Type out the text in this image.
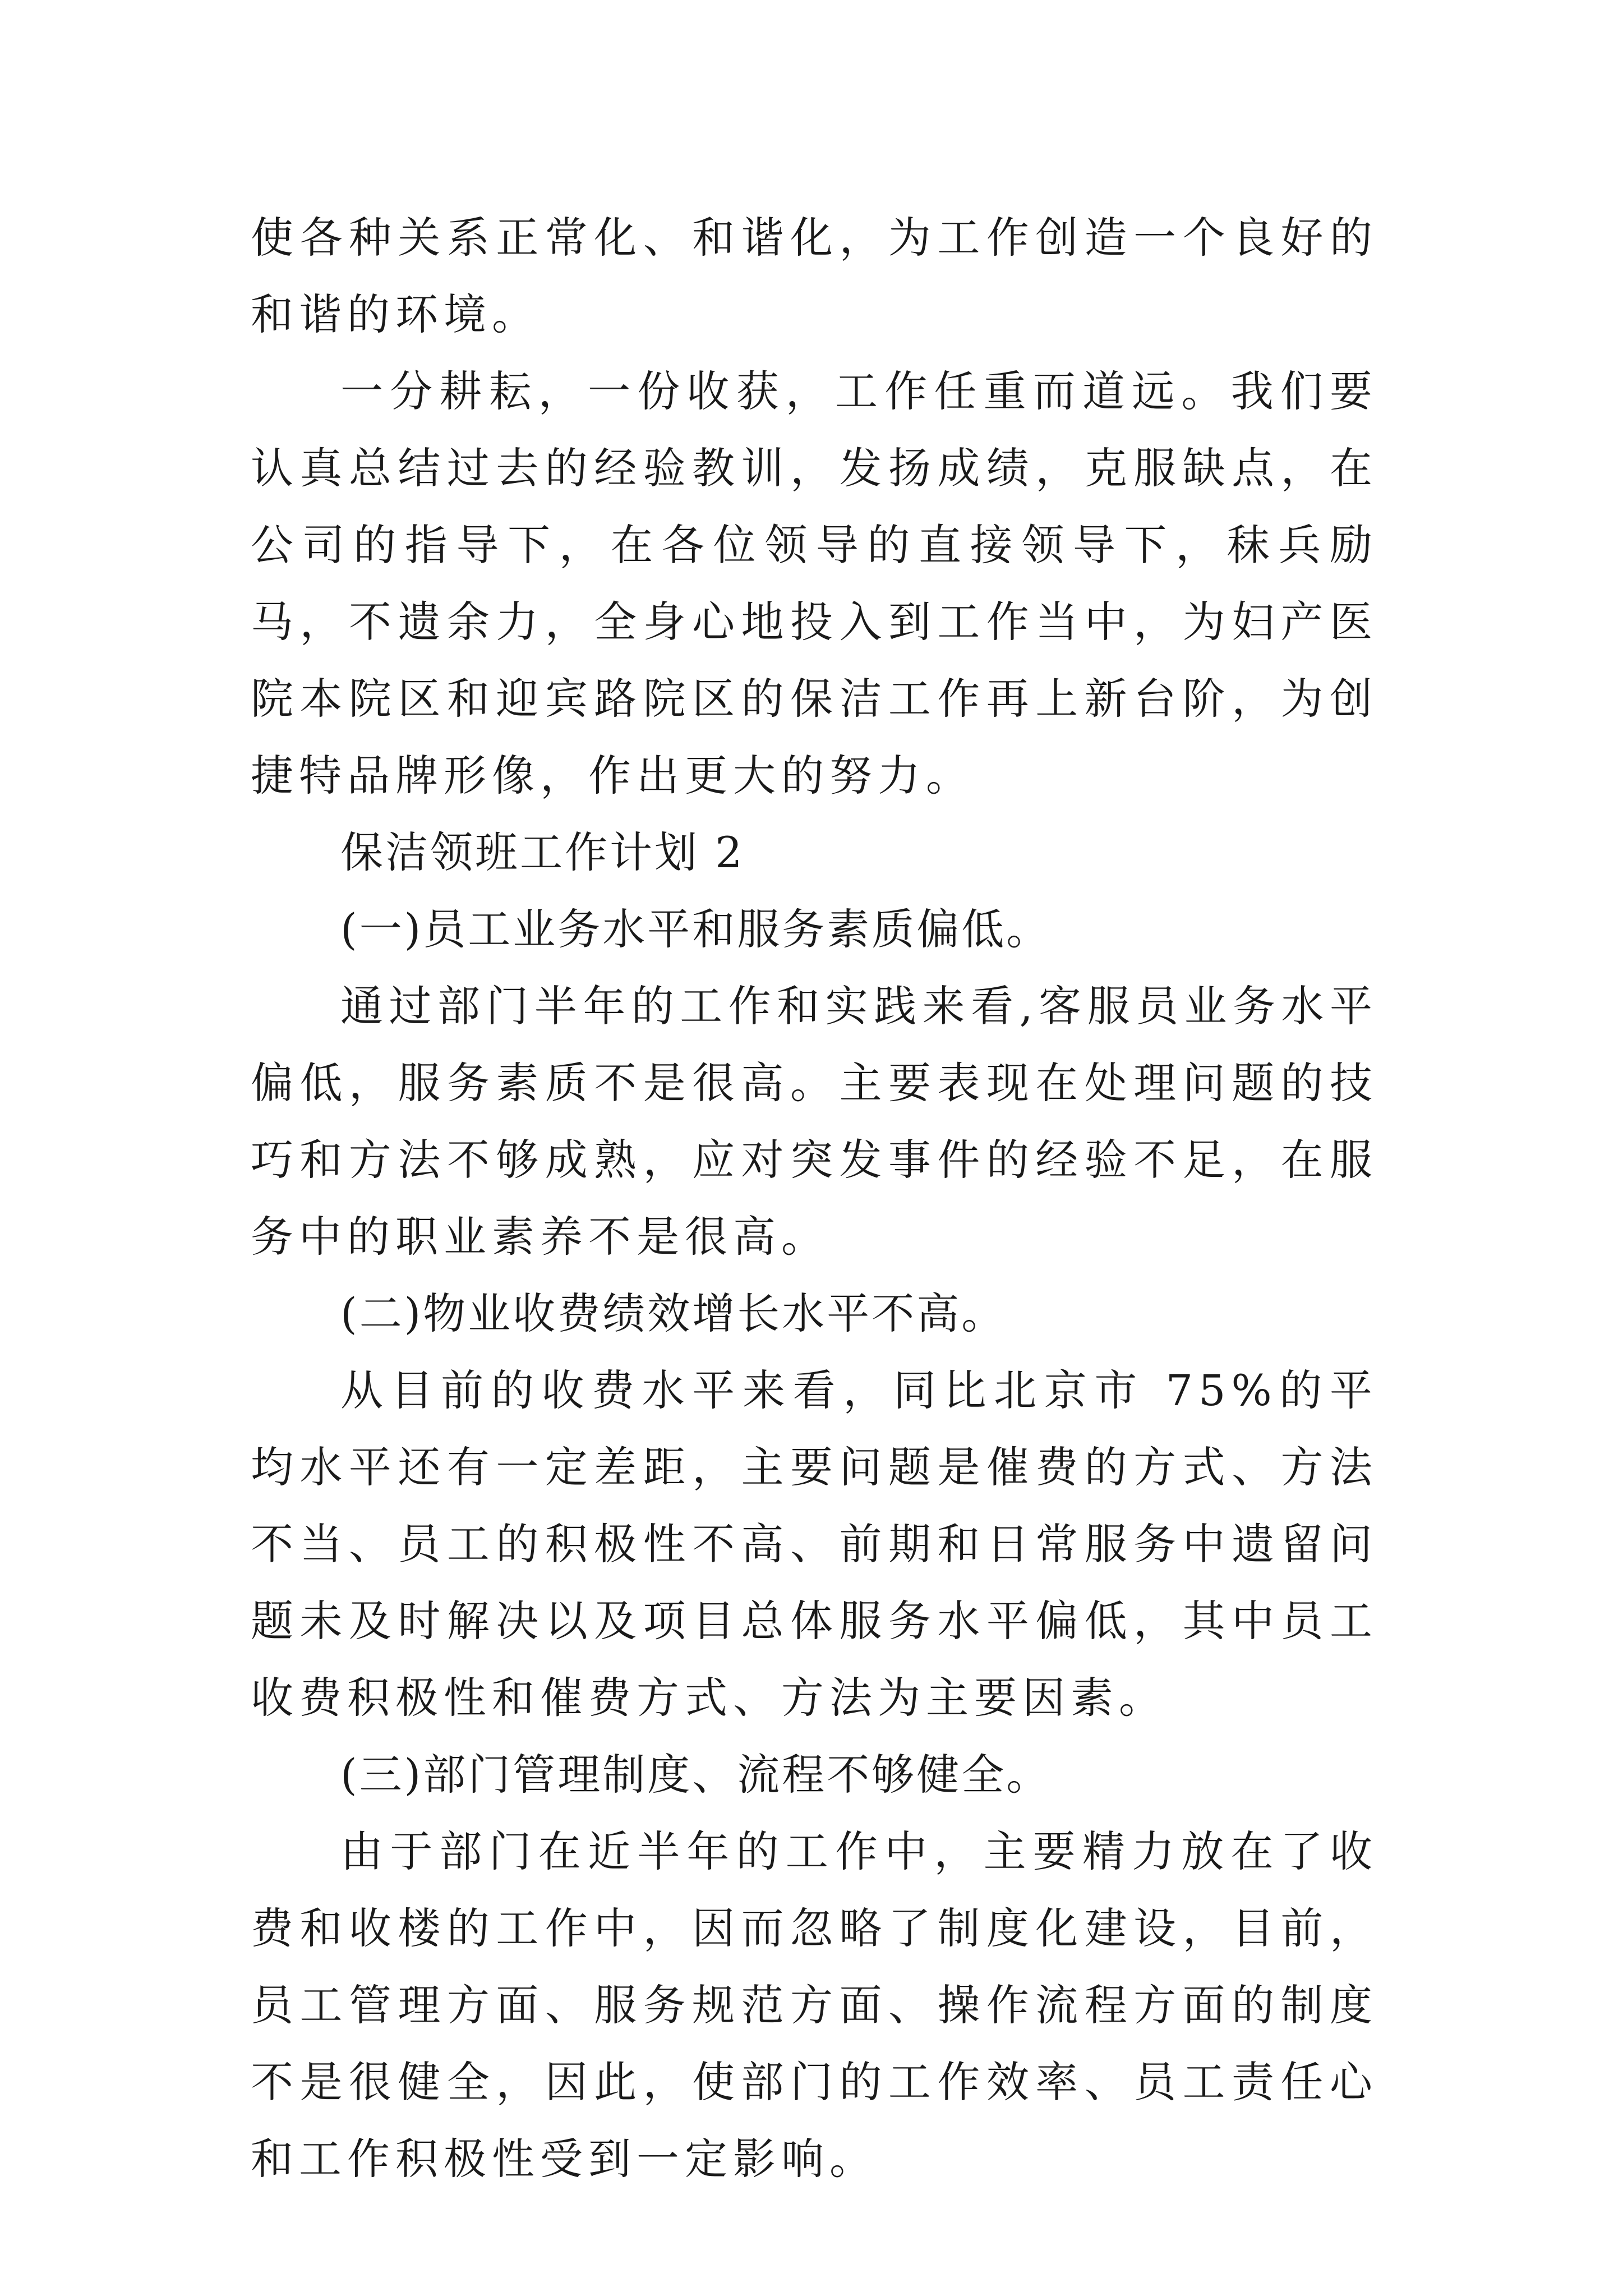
使各种关系正常化、和谐化，为工作创造一个良好的和谐的环境。

一分耕耘，一份收获，工作任重而道远。我们要认真总结过去的经验教训，发扬成绩，克服缺点，在公司的指导下，在各位领导的直接领导下，秣兵励马，不遗余力，全身心地投入到工作当中，为妇产医院本院区和迎宾路院区的保洁工作再上新台阶，为创捷特品牌形像，作出更大的努力。

保洁领班工作计划 2

(一)员工业务水平和服务素质偏低。

通过部门半年的工作和实践来看,客服员业务水平偏低，服务素质不是很高。主要表现在处理问题的技巧和方法不够成熟，应对突发事件的经验不足，在服务中的职业素养不是很高。

(二)物业收费绩效增长水平不高。

从目前的收费水平来看，同比北京市 75%的平均水平还有一定差距，主要问题是催费的方式、方法不当、员工的积极性不高、前期和日常服务中遗留问题未及时解决以及项目总体服务水平偏低，其中员工收费积极性和催费方式、方法为主要因素。

(三)部门管理制度、流程不够健全。

由于部门在近半年的工作中，主要精力放在了收费和收楼的工作中，因而忽略了制度化建设，目前，员工管理方面、服务规范方面、操作流程方面的制度不是很健全，因此，使部门的工作效率、员工责任心和工作积极性受到一定影响。
